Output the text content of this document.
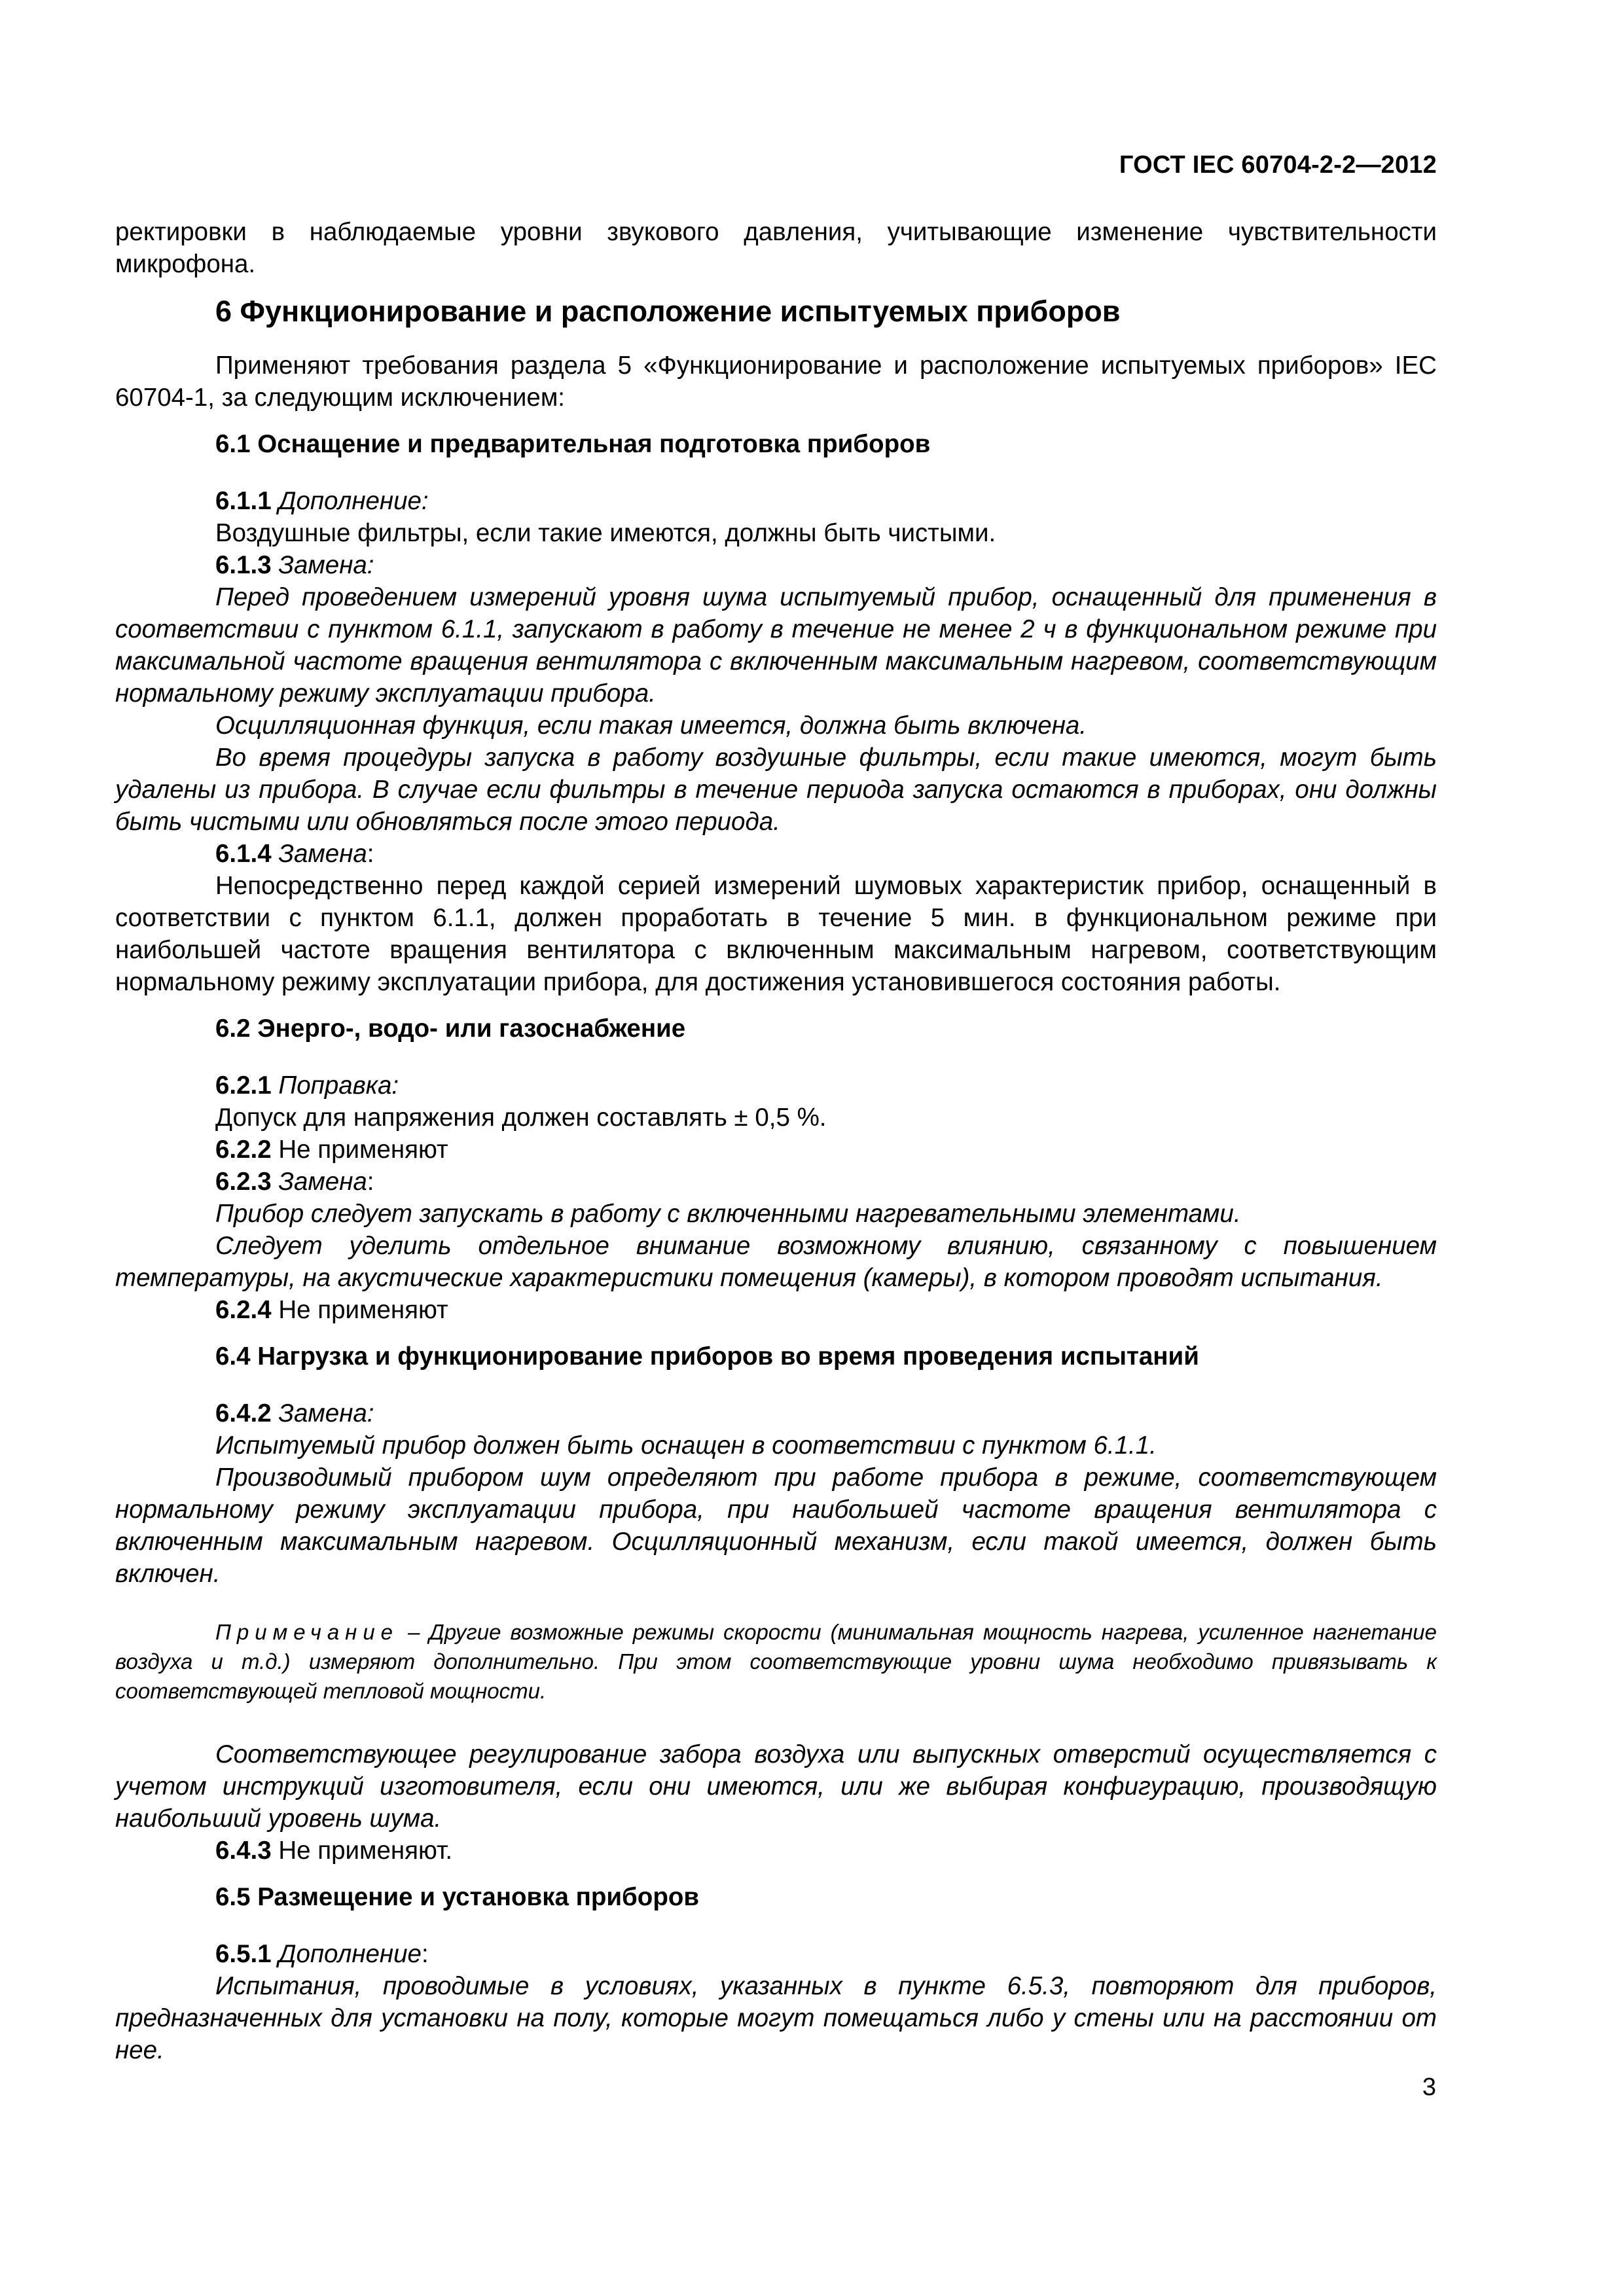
ГОСТ IEC 60704-2-2—2012

ректировки в наблюдаемые уровни звукового давления, учитывающие изменение чувствительности микрофона.

6 Функционирование и расположение испытуемых приборов

Применяют требования раздела 5 «Функционирование и расположение испытуемых приборов» IEC 60704-1, за следующим исключением:

6.1 Оснащение и предварительная подготовка приборов

6.1.1 Дополнение:

Воздушные фильтры, если такие имеются, должны быть чистыми.

6.1.3 Замена:

Перед проведением измерений уровня шума испытуемый прибор, оснащенный для применения в соответствии с пунктом 6.1.1, запускают в работу в течение не менее 2 ч в функциональном режиме при максимальной частоте вращения вентилятора с включенным максимальным нагревом, соответствующим нормальному режиму эксплуатации прибора.

Осцилляционная функция, если такая имеется, должна быть включена.

Во время процедуры запуска в работу воздушные фильтры, если такие имеются, могут быть удалены из прибора. В случае если фильтры в течение периода запуска остаются в приборах, они должны быть чистыми или обновляться после этого периода.

6.1.4 Замена:

Непосредственно перед каждой серией измерений шумовых характеристик прибор, оснащенный в соответствии с пунктом 6.1.1, должен проработать в течение 5 мин. в функциональном режиме при наибольшей частоте вращения вентилятора с включенным максимальным нагревом, соответствующим нормальному режиму эксплуатации прибора, для достижения установившегося состояния работы.

6.2 Энерго-, водо- или газоснабжение

6.2.1 Поправка:

Допуск для напряжения должен составлять ± 0,5 %.

6.2.2 Не применяют

6.2.3 Замена:

Прибор следует запускать в работу с включенными нагревательными элементами.

Следует уделить отдельное внимание возможному влиянию, связанному с повышением температуры, на акустические характеристики помещения (камеры), в котором проводят испытания.

6.2.4 Не применяют

6.4 Нагрузка и функционирование приборов во время проведения испытаний

6.4.2 Замена:

Испытуемый прибор должен быть оснащен в соответствии с пунктом 6.1.1.

Производимый прибором шум определяют при работе прибора в режиме, соответствующем нормальному режиму эксплуатации прибора, при наибольшей частоте вращения вентилятора с включенным максимальным нагревом. Осцилляционный механизм, если такой имеется, должен быть включен.

Примечание – Другие возможные режимы скорости (минимальная мощность нагрева, усиленное нагнетание воздуха и т.д.) измеряют дополнительно. При этом соответствующие уровни шума необходимо привязывать к соответствующей тепловой мощности.

Соответствующее регулирование забора воздуха или выпускных отверстий осуществляется с учетом инструкций изготовителя, если они имеются, или же выбирая конфигурацию, производящую наибольший уровень шума.

6.4.3 Не применяют.

6.5 Размещение и установка приборов

6.5.1 Дополнение:

Испытания, проводимые в условиях, указанных в пункте 6.5.3, повторяют для приборов, предназначенных для установки на полу, которые могут помещаться либо у стены или на расстоянии от нее.

3
